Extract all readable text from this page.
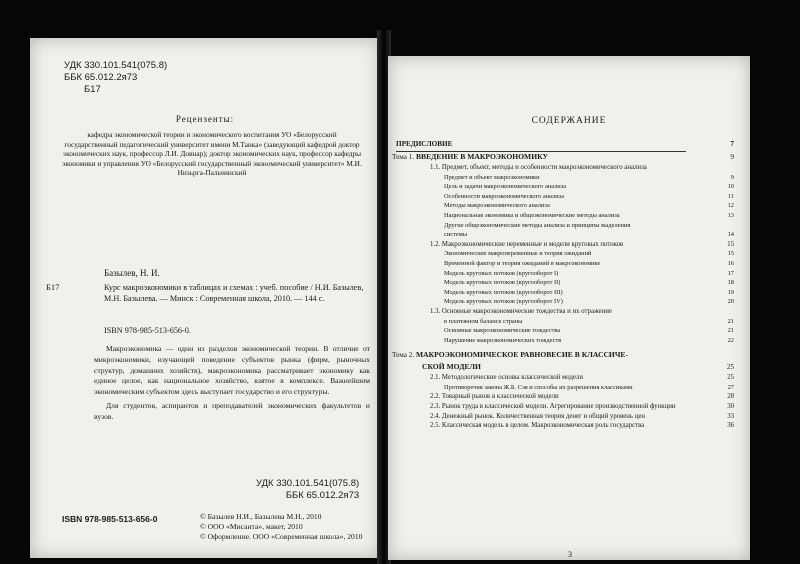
УДК 330.101.541(075.8)
ББК 65.012.2я73
Б17
Рецензенты:
кафедра экономической теории и экономического воспитания УО «Белорусский государственный педагогический университет имени М.Танка» (заведующий кафедрой доктор экономических наук, профессор Л.И. Довнар); доктор экономических наук, профессор кафедры экономики и управления УО «Белорусский государственный экономический университет» М.И. Низьрга-Пальчинский
Базылев, Н. И.
Б17	Курс макроэкономики в таблицах и схемах : учеб. пособие / Н.И. Базылев, М.Н. Базылева. — Минск : Современная школа, 2010. — 144 с.
ISBN 978-985-513-656-0.

Макроэкономика — одни из разделов экономической теории. В отличие от микроэкономики, изучающей поведение субъектов рынка (фирм, рыночных структур, домашних хозяйств), макроэкономика рассматривает экономику как единое целое, как национальное хозяйство, взятое в комплексе. Важнейшим экономическим субъектом здесь выступает государство и его структуры.

Для студентов, аспирантов и преподавателей экономических факультетов и вузов.

УДК 330.101.541(075.8)
ББК 65.012.2я73
ISBN 978-985-513-656-0	© Базылев Н.И., Базылева М.Н., 2010
© ООО «Мисанта», макет, 2010
© Оформление. ООО «Современная школа», 2010
СОДЕРЖАНИЕ
ПРЕДИСЛОВИЕ	7
Тема 1. ВВЕДЕНИЕ В МАКРОЭКОНОМИКУ	9
1.1. Предмет, объект, методы и особенности макроэкономического анализа
Предмет и объект макроэкономики	9
Цель и задачи макроэкономического анализа	10
Особенности макроэкономического анализа	11
Методы макроэкономического анализа	12
Национальная экономика и общеэкономические методы анализа	13
Другие общеэкономические методы анализа и принципы выделения
системы	14
1.2. Макроэкономические переменные и модели круговых потоков	15
Экономические макропеременные и теория ожиданий	15
Временной фактор и теория ожиданий в макроэкономике	16
Модель круговых потоков (кругооборот I)	17
Модель круговых потоков (кругооборот II)	18
Модель круговых потоков (кругооборот III)	19
Модель круговых потоков (кругооборот IV)	20
1.3. Основные макроэкономические тождества и их отражение
в платежном балансе страны	21
Основные макроэкономические тождества	21
Нарушение макроэкономических тождеств	22
Тема 2. МАКРОЭКОНОМИЧЕСКОЕ РАВНОВЕСИЕ В КЛАССИЧЕ-
СКОЙ МОДЕЛИ	25
2.1. Методологические основы классической модели	25
Противоречия закона Ж.Б. Сэя и способы их разрешения классиками	27
2.2. Товарный рынок в классической модели	28
2.3. Рынок труда в классической модели. Агрегирование производственной функции	30
2.4. Денежный рынок. Количественная теория денег и общий уровень цен	33
2.5. Классическая модель в целом. Макроэкономическая роль государства	36
3
